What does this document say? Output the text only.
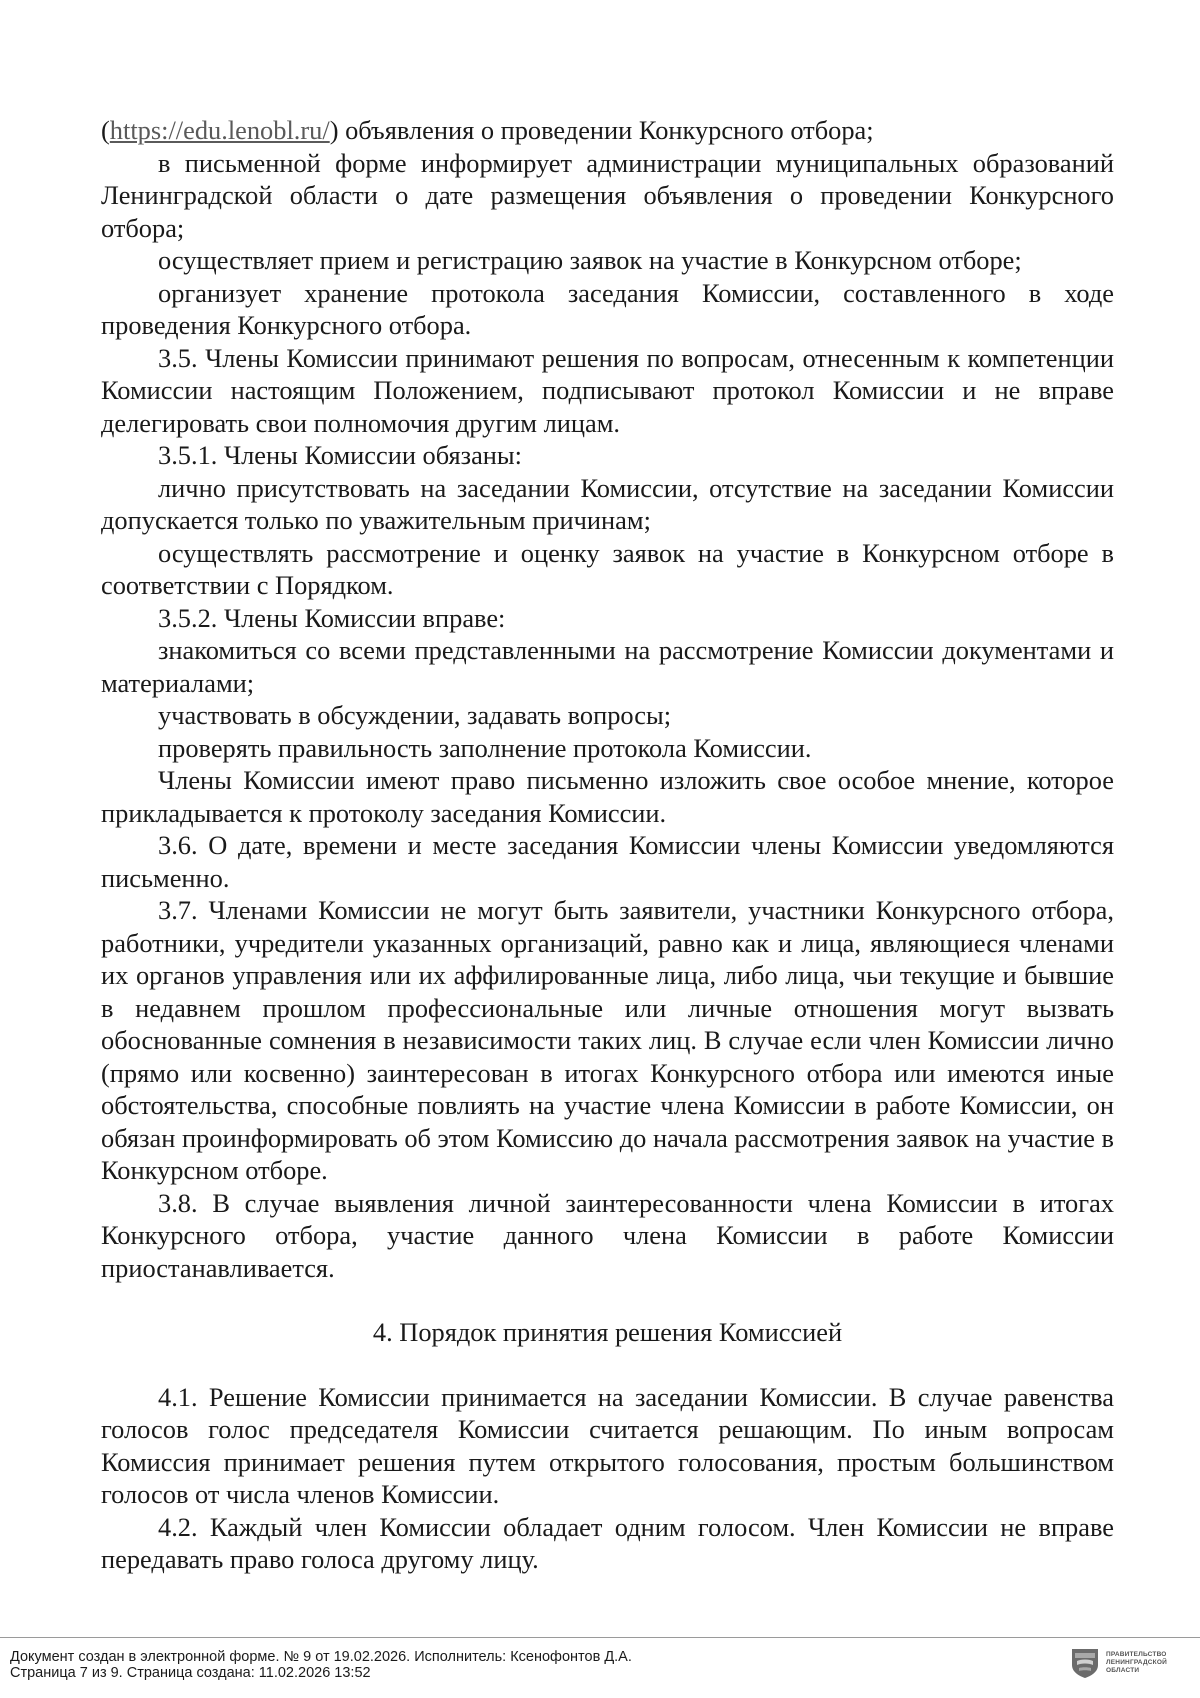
(https://edu.lenobl.ru/) объявления о проведении Конкурсного отбора;

в письменной форме информирует администрации муниципальных образований Ленинградской области о дате размещения объявления о проведении Конкурсного отбора;

осуществляет прием и регистрацию заявок на участие в Конкурсном отборе;

организует хранение протокола заседания Комиссии, составленного в ходе проведения Конкурсного отбора.

3.5. Члены Комиссии принимают решения по вопросам, отнесенным к компетенции Комиссии настоящим Положением, подписывают протокол Комиссии и не вправе делегировать свои полномочия другим лицам.

3.5.1. Члены Комиссии обязаны:

лично присутствовать на заседании Комиссии, отсутствие на заседании Комиссии допускается только по уважительным причинам;

осуществлять рассмотрение и оценку заявок на участие в Конкурсном отборе в соответствии с Порядком.

3.5.2. Члены Комиссии вправе:

знакомиться со всеми представленными на рассмотрение Комиссии документами и материалами;

участвовать в обсуждении, задавать вопросы;

проверять правильность заполнение протокола Комиссии.

Члены Комиссии имеют право письменно изложить свое особое мнение, которое прикладывается к протоколу заседания Комиссии.

3.6. О дате, времени и месте заседания Комиссии члены Комиссии уведомляются письменно.

3.7. Членами Комиссии не могут быть заявители, участники Конкурсного отбора, работники, учредители указанных организаций, равно как и лица, являющиеся членами их органов управления или их аффилированные лица, либо лица, чьи текущие и бывшие в недавнем прошлом профессиональные или личные отношения могут вызвать обоснованные сомнения в независимости таких лиц. В случае если член Комиссии лично (прямо или косвенно) заинтересован в итогах Конкурсного отбора или имеются иные обстоятельства, способные повлиять на участие члена Комиссии в работе Комиссии, он обязан проинформировать об этом Комиссию до начала рассмотрения заявок на участие в Конкурсном отборе.

3.8. В случае выявления личной заинтересованности члена Комиссии в итогах Конкурсного отбора, участие данного члена Комиссии в работе Комиссии приостанавливается.

4. Порядок принятия решения Комиссией

4.1. Решение Комиссии принимается на заседании Комиссии. В случае равенства голосов голос председателя Комиссии считается решающим. По иным вопросам Комиссия принимает решения путем открытого голосования, простым большинством голосов от числа членов Комиссии.

4.2. Каждый член Комиссии обладает одним голосом. Член Комиссии не вправе передавать право голоса другому лицу.

Документ создан в электронной форме. № 9 от 19.02.2026. Исполнитель: Ксенофонтов Д.А.
Страница 7 из 9. Страница создана: 11.02.2026 13:52
ПРАВИТЕЛЬСТВО
ЛЕНИНГРАДСКОЙ
ОБЛАСТИ
